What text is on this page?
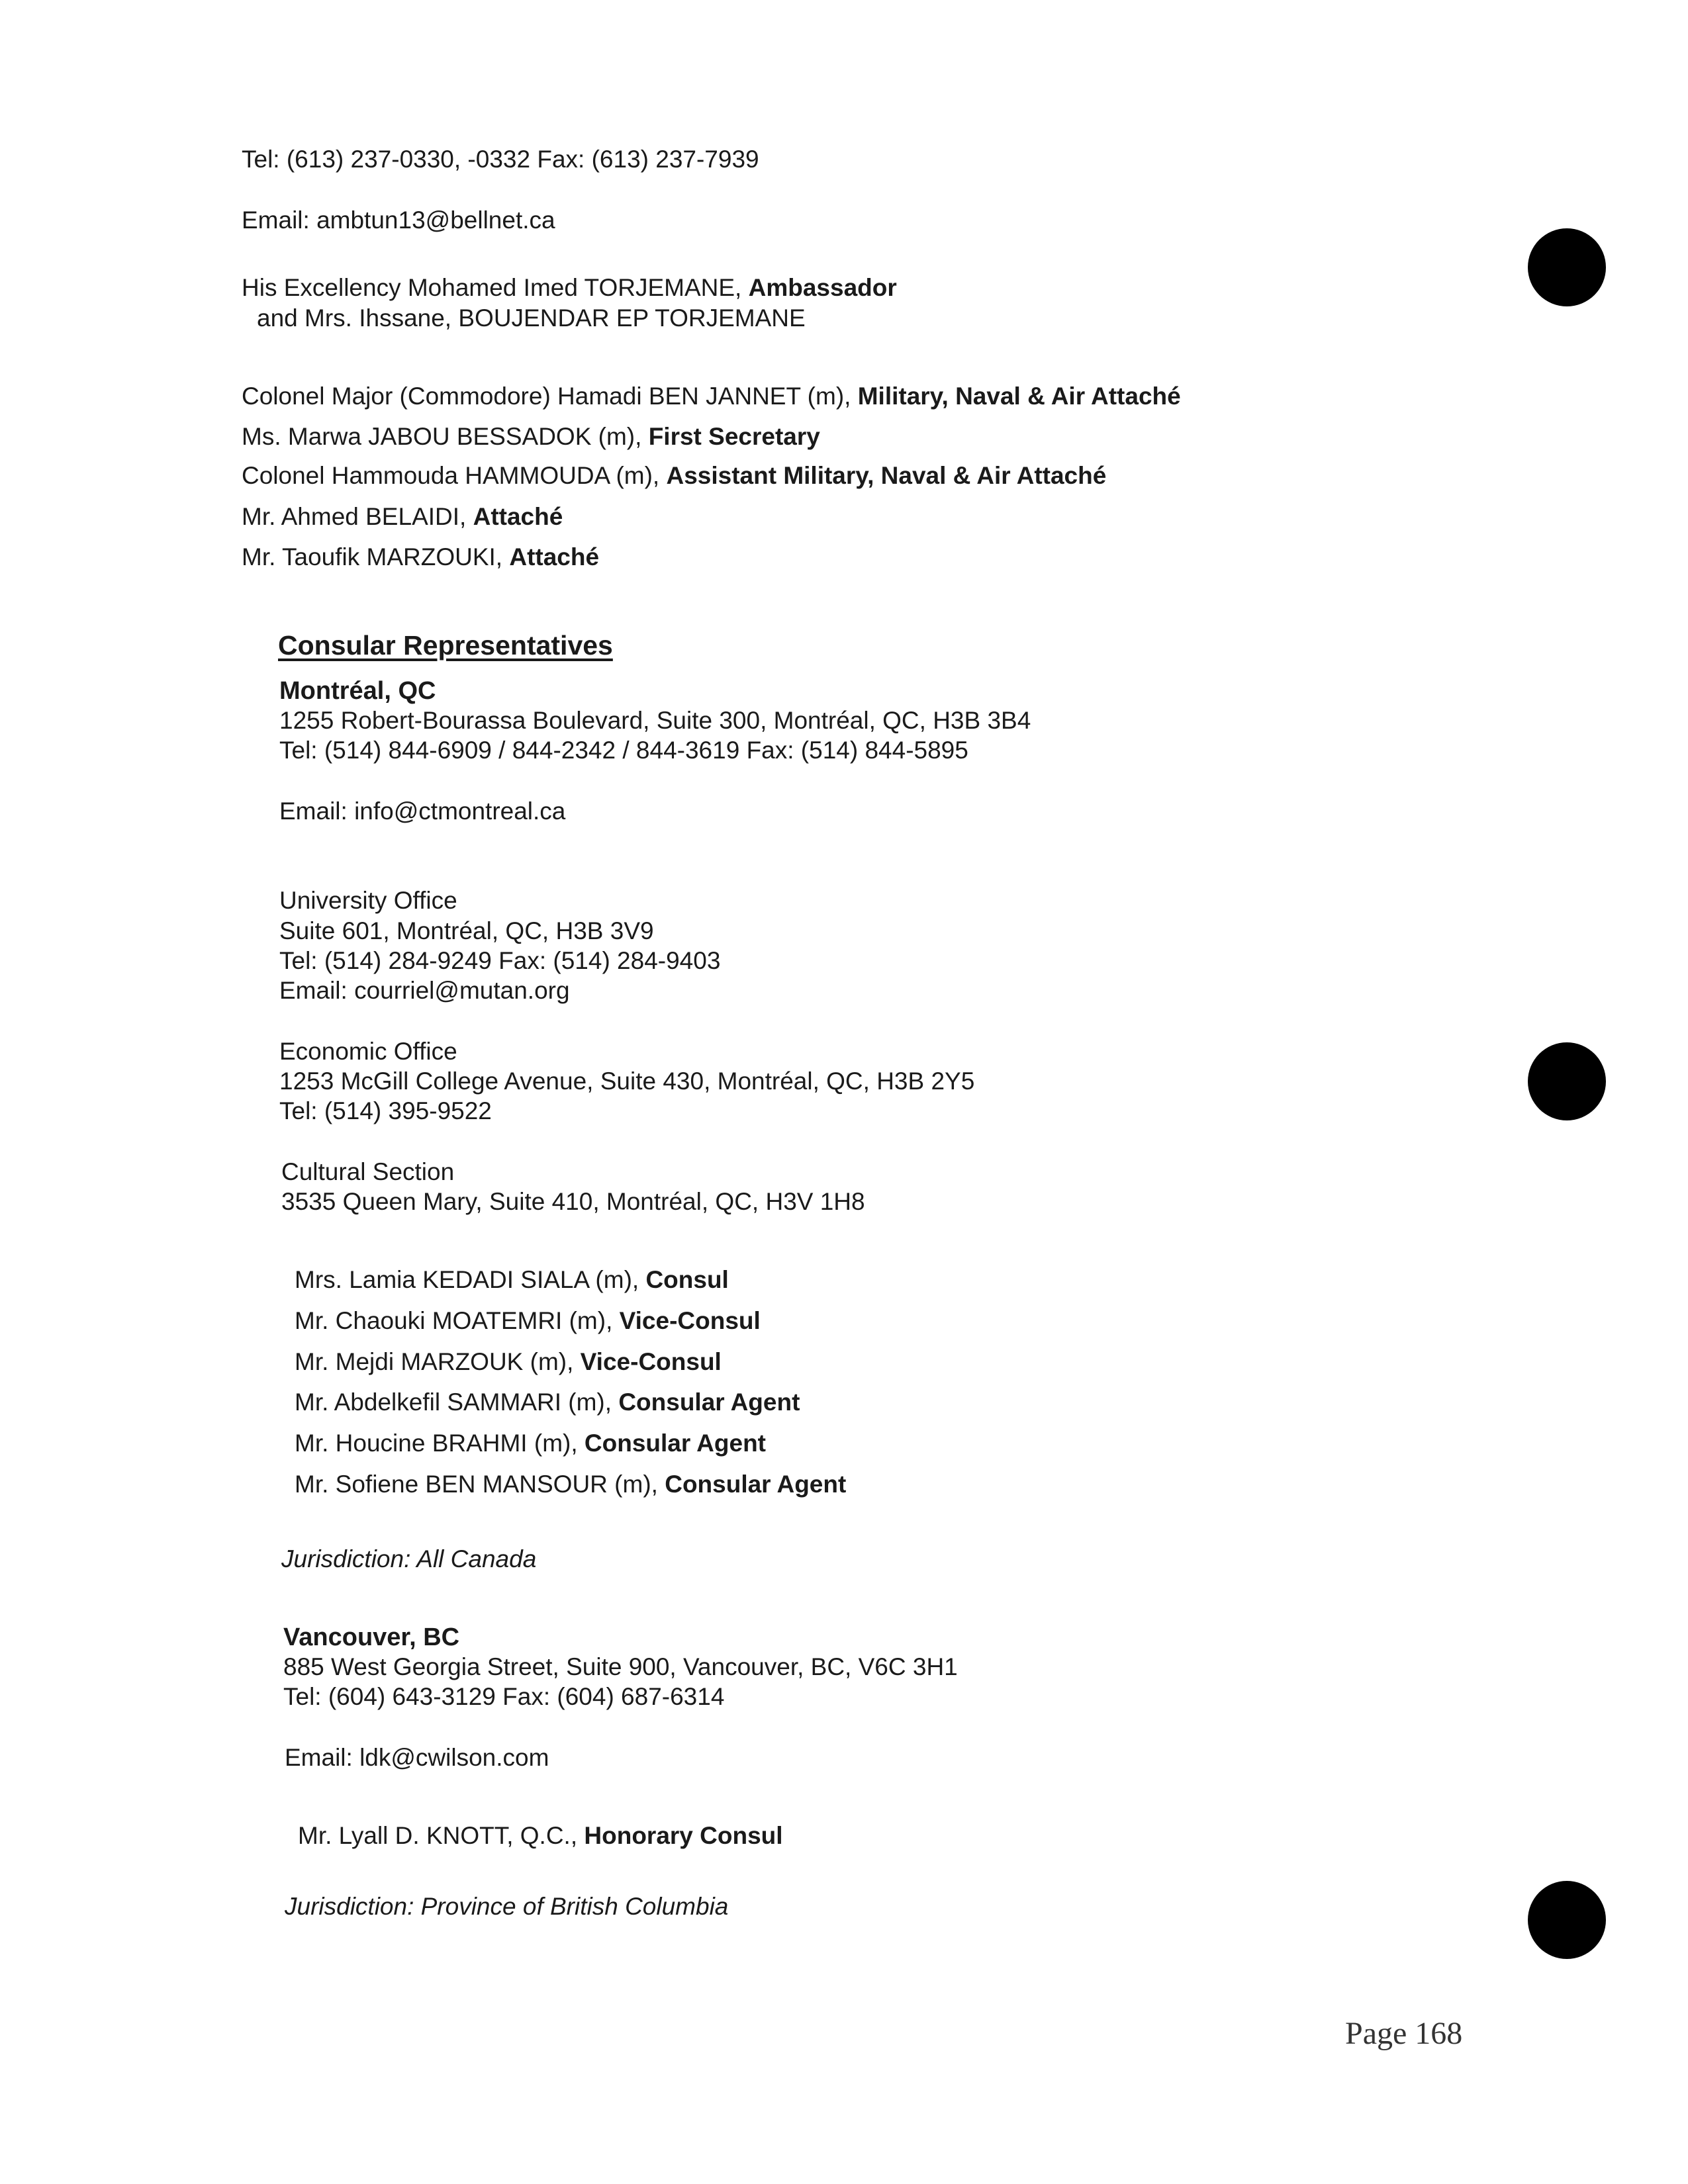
Tel: (613) 237-0330, -0332 Fax: (613) 237-7939

Email: ambtun13@bellnet.ca

His Excellency Mohamed Imed TORJEMANE, Ambassador

and Mrs. Ihssane, BOUJENDAR EP TORJEMANE

Colonel Major (Commodore) Hamadi BEN JANNET (m), Military, Naval & Air Attaché

Ms. Marwa JABOU BESSADOK (m), First Secretary

Colonel Hammouda HAMMOUDA (m), Assistant Military, Naval & Air Attaché

Mr. Ahmed BELAIDI, Attaché

Mr. Taoufik MARZOUKI, Attaché

Consular Representatives

Montréal, QC

1255 Robert-Bourassa Boulevard, Suite 300, Montréal, QC, H3B 3B4

Tel: (514) 844-6909 / 844-2342 / 844-3619 Fax: (514) 844-5895

Email: info@ctmontreal.ca

University Office

Suite 601, Montréal, QC, H3B 3V9

Tel: (514) 284-9249 Fax: (514) 284-9403

Email: courriel@mutan.org

Economic Office

1253 McGill College Avenue, Suite 430, Montréal, QC, H3B 2Y5

Tel: (514) 395-9522

Cultural Section

3535 Queen Mary, Suite 410, Montréal, QC, H3V 1H8

Mrs. Lamia KEDADI SIALA (m), Consul

Mr. Chaouki MOATEMRI (m), Vice-Consul

Mr. Mejdi MARZOUK (m), Vice-Consul

Mr. Abdelkefil SAMMARI (m), Consular Agent

Mr. Houcine BRAHMI (m), Consular Agent

Mr. Sofiene BEN MANSOUR (m), Consular Agent

Jurisdiction: All Canada

Vancouver, BC

885 West Georgia Street, Suite 900, Vancouver, BC, V6C 3H1

Tel: (604) 643-3129 Fax: (604) 687-6314

Email: ldk@cwilson.com

Mr. Lyall D. KNOTT, Q.C., Honorary Consul

Jurisdiction: Province of British Columbia

Page 168
